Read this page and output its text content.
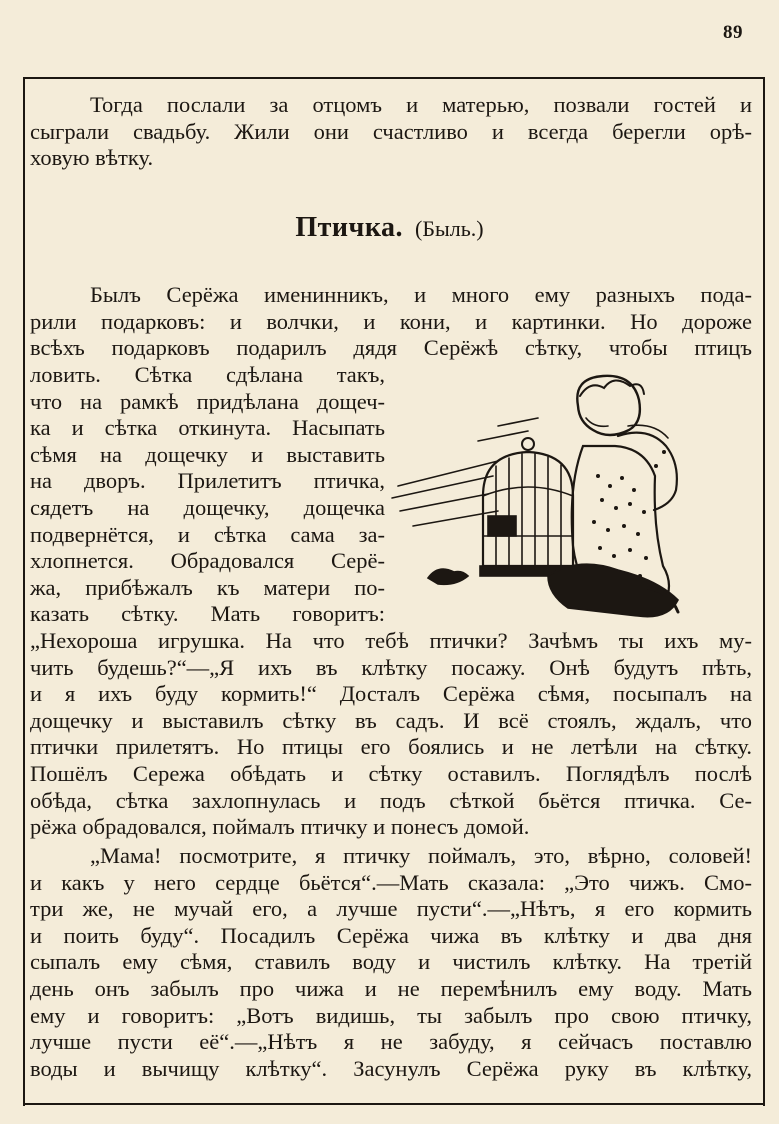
89
Тогда послали за отцомъ и матерью, позвали гостей и
сыграли свадьбу. Жили они счастливо и всегда берегли орѣ-
ховую вѣтку.
Птичка. (Быль.)
Былъ Серёжа именинникъ, и много ему разныхъ пода-
рили подарковъ: и волчки, и кони, и картинки. Но дороже
всѣхъ подарковъ подарилъ дядя Серёжѣ сѣтку, чтобы птицъ
ловить. Сѣтка сдѣлана такъ,
что на рамкѣ придѣлана дощеч-
ка и сѣтка откинута. Насыпать
сѣмя на дощечку и выставить
на дворъ. Прилетитъ птичка,
сядетъ на дощечку, дощечка
подвернётся, и сѣтка сама за-
хлопнется. Обрадовался Серё-
жа, прибѣжалъ къ матери по-
казать сѣтку. Мать говоритъ:
„Нехороша игрушка. На что тебѣ птички? Зачѣмъ ты ихъ му-
чить будешь?“—„Я ихъ въ клѣтку посажу. Онѣ будутъ пѣть,
и я ихъ буду кормить!“ Досталъ Серёжа сѣмя, посыпалъ на
дощечку и выставилъ сѣтку въ садъ. И всё стоялъ, ждалъ, что
птички прилетятъ. Но птицы его боялись и не летѣли на сѣтку.
Пошёлъ Сережа обѣдать и сѣтку оставилъ. Поглядѣлъ послѣ
обѣда, сѣтка захлопнулась и подъ сѣткой бьётся птичка. Се-
рёжа обрадовался, поймалъ птичку и понесъ домой.
„Мама! посмотрите, я птичку поймалъ, это, вѣрно, соловей!
и какъ у него сердце бьётся“.—Мать сказала: „Это чижъ. Смо-
три же, не мучай его, а лучше пусти“.—„Нѣтъ, я его кормить
и поить буду“. Посадилъ Серёжа чижа въ клѣтку и два дня
сыпалъ ему сѣмя, ставилъ воду и чистилъ клѣтку. На третій
день онъ забылъ про чижа и не перемѣнилъ ему воду. Мать
ему и говоритъ: „Вотъ видишь, ты забылъ про свою птичку,
лучше пусти её“.—„Нѣтъ я не забуду, я сейчасъ поставлю
воды и вычищу клѣтку“. Засунулъ Серёжа руку въ клѣтку,
